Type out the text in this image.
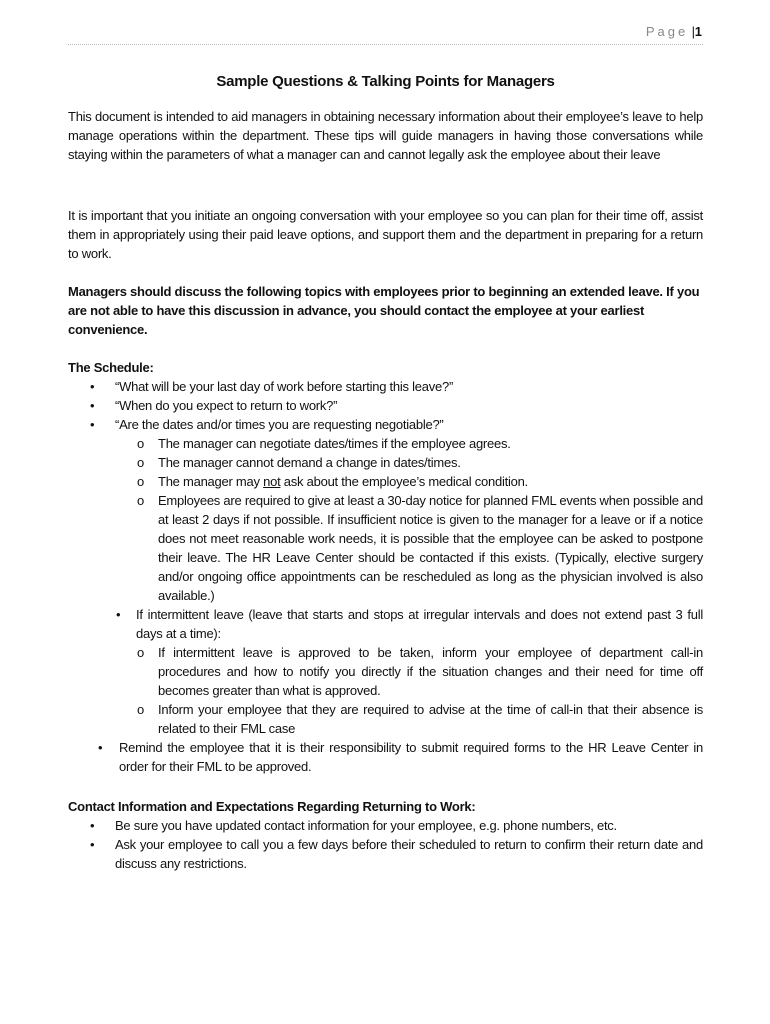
Page |1
Sample Questions & Talking Points for Managers
This document is intended to aid managers in obtaining necessary information about their employee’s leave to help manage operations within the department. These tips will guide managers in having those conversations while staying within the parameters of what a manager can and cannot legally ask the employee about their leave
It is important that you initiate an ongoing conversation with your employee so you can plan for their time off, assist them in appropriately using their paid leave options, and support them and the department in preparing for a return to work.
Managers should discuss the following topics with employees prior to beginning an extended leave. If you are not able to have this discussion in advance, you should contact the employee at your earliest convenience.
The Schedule:
• “What will be your last day of work before starting this leave?”
• “When do you expect to return to work?”
• “Are the dates and/or times you are requesting negotiable?”
o The manager can negotiate dates/times if the employee agrees.
o The manager cannot demand a change in dates/times.
o The manager may not ask about the employee’s medical condition.
o Employees are required to give at least a 30-day notice for planned FML events when possible and at least 2 days if not possible. If insufficient notice is given to the manager for a leave or if a notice does not meet reasonable work needs, it is possible that the employee can be asked to postpone their leave. The HR Leave Center should be contacted if this exists. (Typically, elective surgery and/or ongoing office appointments can be rescheduled as long as the physician involved is also available.)
• If intermittent leave (leave that starts and stops at irregular intervals and does not extend past 3 full days at a time):
o If intermittent leave is approved to be taken, inform your employee of department call-in procedures and how to notify you directly if the situation changes and their need for time off becomes greater than what is approved.
o Inform your employee that they are required to advise at the time of call-in that their absence is related to their FML case
• Remind the employee that it is their responsibility to submit required forms to the HR Leave Center in order for their FML to be approved.
Contact Information and Expectations Regarding Returning to Work:
• Be sure you have updated contact information for your employee, e.g. phone numbers, etc.
• Ask your employee to call you a few days before their scheduled to return to confirm their return date and discuss any restrictions.
